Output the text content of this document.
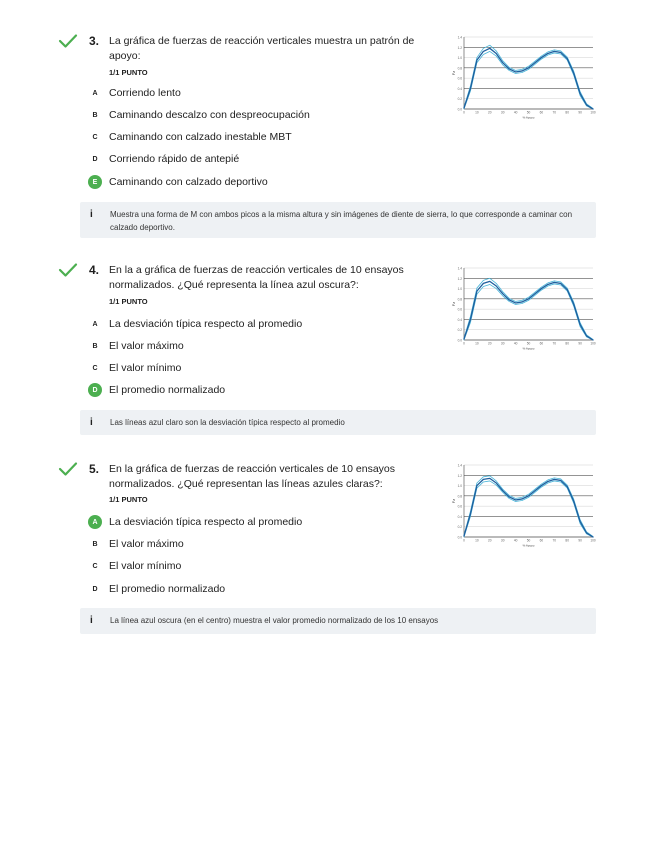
3. La gráfica de fuerzas de reacción verticales muestra un patrón de apoyo:
1/1 PUNTO
A	Corriendo lento
B	Caminando descalzo con despreocupación
C	Caminando con calzado inestable MBT
D	Corriendo rápido de antepié
E	Caminando con calzado deportivo
i	Muestra una forma de M con ambos picos a la misma altura y sin imágenes de diente de sierra, lo que corresponde a caminar con calzado deportivo.
0.0
0.2
0.4
0.6
0.8
1.0
1.2
1.4
0	10	20	30	40	50	60	70	80	90	100
Fz
% Apoyo
4. En la a gráfica de fuerzas de reacción verticales de 10 ensayos normalizados. ¿Qué representa la línea azul oscura?:
1/1 PUNTO
A	La desviación típica respecto al promedio
B	El valor máximo
C	El valor mínimo
D	El promedio normalizado
i	Las líneas azul claro son la desviación típica respecto al promedio
0.0
0.2
0.4
0.6
0.8
1.0
1.2
1.4
0	10	20	30	40	50	60	70	80	90	100
Fz
% Apoyo
5. En la gráfica de fuerzas de reacción verticales de 10 ensayos normalizados. ¿Qué representan las líneas azules claras?:
1/1 PUNTO
A	La desviación típica respecto al promedio
B	El valor máximo
C	El valor mínimo
D	El promedio normalizado
i	La línea azul oscura (en el centro) muestra el valor promedio normalizado de los 10 ensayos
0.0
0.2
0.4
0.6
0.8
1.0
1.2
1.4
0	10	20	30	40	50	60	70	80	90	100
Fz
% Apoyo
